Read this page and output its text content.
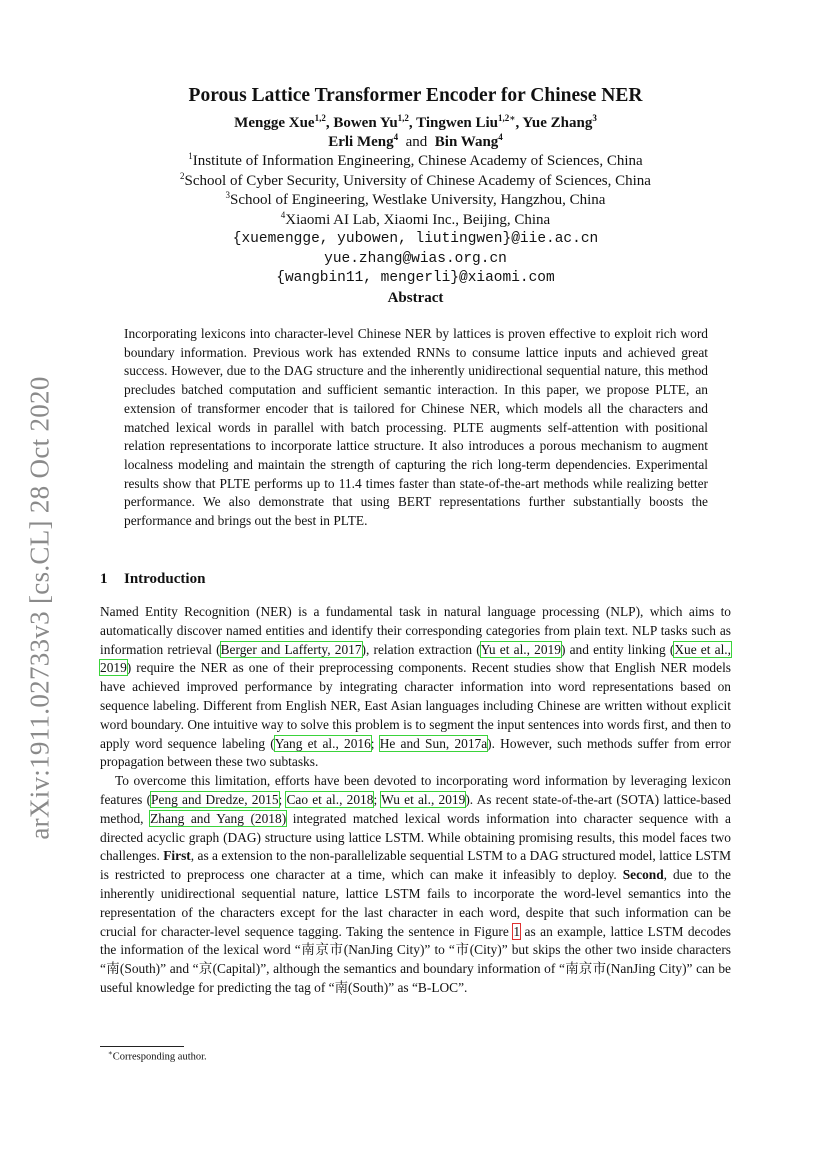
arXiv:1911.02733v3 [cs.CL] 28 Oct 2020
Porous Lattice Transformer Encoder for Chinese NER
Mengge Xue$^{1,2}$, Bowen Yu$^{1,2}$, Tingwen Liu$^{1,2∗}$, Yue Zhang$^3$
Erli Meng$^4$ and Bin Wang$^4$
$^1$Institute of Information Engineering, Chinese Academy of Sciences, China
$^2$School of Cyber Security, University of Chinese Academy of Sciences, China
$^3$School of Engineering, Westlake University, Hangzhou, China
$^4$Xiaomi AI Lab, Xiaomi Inc., Beijing, China
{xuemengge, yubowen, liutingwen}@iie.ac.cn
yue.zhang@wias.org.cn
{wangbin11, mengerli}@xiaomi.com
Abstract
Incorporating lexicons into character-level Chinese NER by lattices is proven effective to exploit rich word boundary information. Previous work has extended RNNs to consume lattice inputs and achieved great success. However, due to the DAG structure and the inherently unidirectional sequential nature, this method precludes batched computation and sufficient semantic interaction. In this paper, we propose PLTE, an extension of transformer encoder that is tailored for Chinese NER, which models all the characters and matched lexical words in parallel with batch processing. PLTE augments self-attention with positional relation representations to incorporate lattice structure. It also introduces a porous mechanism to augment localness modeling and maintain the strength of capturing the rich long-term dependencies. Experimental results show that PLTE performs up to 11.4 times faster than state-of-the-art methods while realizing better performance. We also demonstrate that using BERT representations further substantially boosts the performance and brings out the best in PLTE.
1 Introduction

Named Entity Recognition (NER) is a fundamental task in natural language processing (NLP), which aims to automatically discover named entities and identify their corresponding categories from plain text. NLP tasks such as information retrieval (Berger and Lafferty, 2017), relation extraction (Yu et al., 2019) and entity linking (Xue et al., 2019) require the NER as one of their preprocessing components. Recent studies show that English NER models have achieved improved performance by integrating character information into word representations based on sequence labeling. Different from English NER, East Asian languages including Chinese are written without explicit word boundary. One intuitive way to solve this problem is to segment the input sentences into words first, and then to apply word sequence labeling (Yang et al., 2016; He and Sun, 2017a). However, such methods suffer from error propagation between these two subtasks.

To overcome this limitation, efforts have been devoted to incorporating word information by leveraging lexicon features (Peng and Dredze, 2015; Cao et al., 2018; Wu et al., 2019). As recent state-of-the-art (SOTA) lattice-based method, Zhang and Yang (2018) integrated matched lexical words information into character sequence with a directed acyclic graph (DAG) structure using lattice LSTM. While obtaining promising results, this model faces two challenges. First, as a extension to the non-parallelizable sequential LSTM to a DAG structured model, lattice LSTM is restricted to preprocess one character at a time, which can make it infeasibly to deploy. Second, due to the inherently unidirectional sequential nature, lattice LSTM fails to incorporate the word-level semantics into the representation of the characters except for the last character in each word, despite that such information can be crucial for character-level sequence tagging. Taking the sentence in Figure 1 as an example, lattice LSTM decodes the information of the lexical word “南京市(NanJing City)” to “市(City)” but skips the other two inside characters “南(South)” and “京(Capital)”, although the semantics and boundary information of “南京市(NanJing City)” can be useful knowledge for predicting the tag of “南(South)” as “B-LOC”.

∗Corresponding author.
